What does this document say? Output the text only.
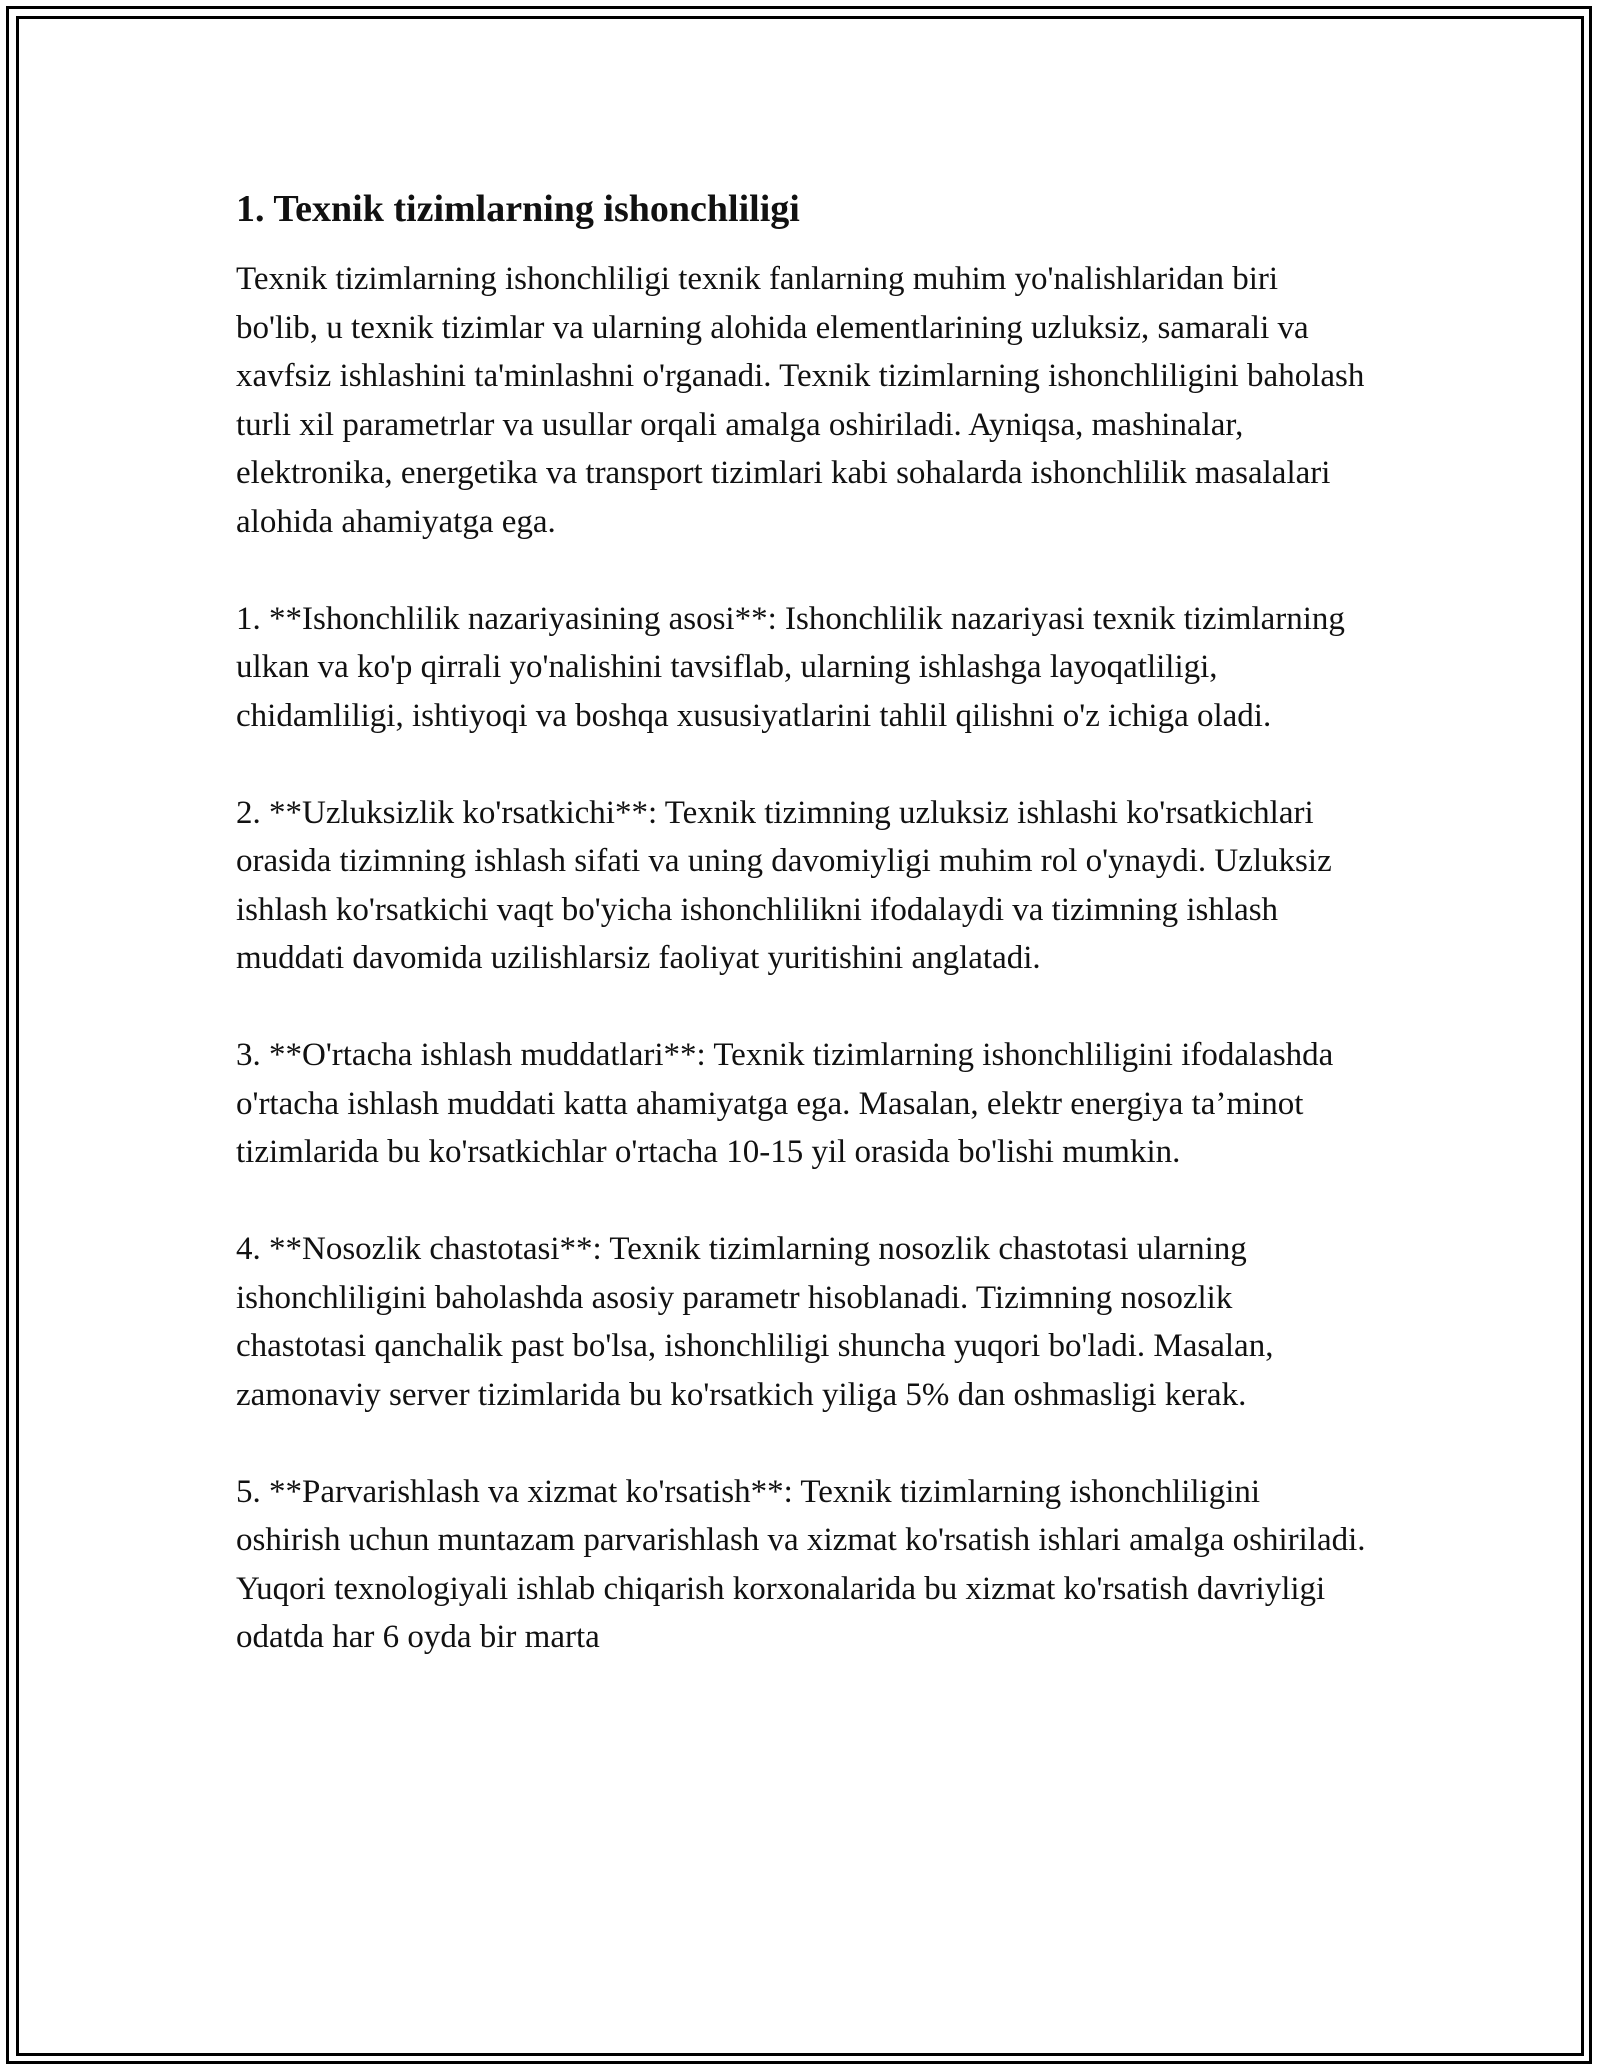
1. Texnik tizimlarning ishonchliligi

Texnik tizimlarning ishonchliligi texnik fanlarning muhim yo'nalishlaridan biri bo'lib, u texnik tizimlar va ularning alohida elementlarining uzluksiz, samarali va xavfsiz ishlashini ta'minlashni o'rganadi. Texnik tizimlarning ishonchliligini baholash turli xil parametrlar va usullar orqali amalga oshiriladi. Ayniqsa, mashinalar, elektronika, energetika va transport tizimlari kabi sohalarda ishonchlilik masalalari alohida ahamiyatga ega.

1. **Ishonchlilik nazariyasining asosi**: Ishonchlilik nazariyasi texnik tizimlarning ulkan va ko'p qirrali yo'nalishini tavsiflab, ularning ishlashga layoqatliligi, chidamliligi, ishtiyoqi va boshqa xususiyatlarini tahlil qilishni o'z ichiga oladi.

2. **Uzluksizlik ko'rsatkichi**: Texnik tizimning uzluksiz ishlashi ko'rsatkichlari orasida tizimning ishlash sifati va uning davomiyligi muhim rol o'ynaydi. Uzluksiz ishlash ko'rsatkichi vaqt bo'yicha ishonchlilikni ifodalaydi va tizimning ishlash muddati davomida uzilishlarsiz faoliyat yuritishini anglatadi.

3. **O'rtacha ishlash muddatlari**: Texnik tizimlarning ishonchliligini ifodalashda o'rtacha ishlash muddati katta ahamiyatga ega. Masalan, elektr energiya ta’minot tizimlarida bu ko'rsatkichlar o'rtacha 10-15 yil orasida bo'lishi mumkin.

4. **Nosozlik chastotasi**: Texnik tizimlarning nosozlik chastotasi ularning ishonchliligini baholashda asosiy parametr hisoblanadi. Tizimning nosozlik chastotasi qanchalik past bo'lsa, ishonchliligi shuncha yuqori bo'ladi. Masalan, zamonaviy server tizimlarida bu ko'rsatkich yiliga 5% dan oshmasligi kerak.

5. **Parvarishlash va xizmat ko'rsatish**: Texnik tizimlarning ishonchliligini oshirish uchun muntazam parvarishlash va xizmat ko'rsatish ishlari amalga oshiriladi. Yuqori texnologiyali ishlab chiqarish korxonalarida bu xizmat ko'rsatish davriyligi odatda har 6 oyda bir marta
